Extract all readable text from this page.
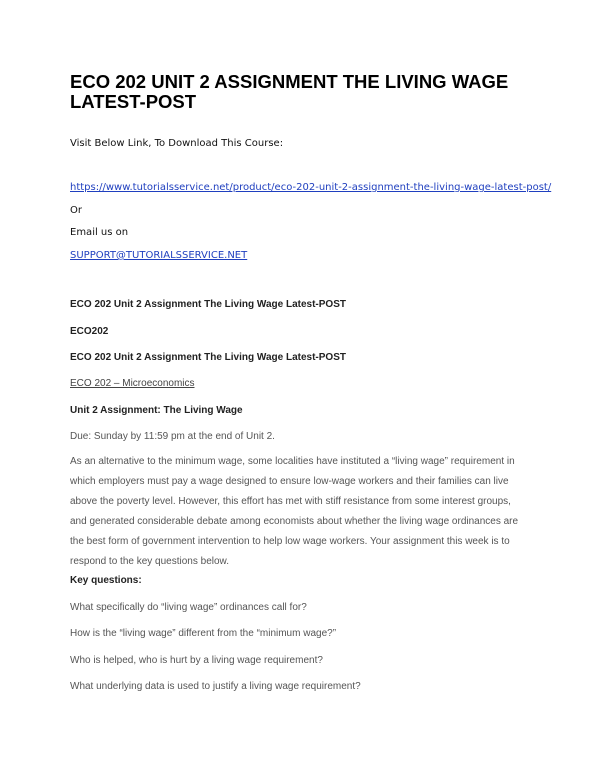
ECO 202 UNIT 2 ASSIGNMENT THE LIVING WAGE LATEST-POST
Visit Below Link, To Download This Course:
https://www.tutorialsservice.net/product/eco-202-unit-2-assignment-the-living-wage-latest-post/
Or
Email us on
SUPPORT@TUTORIALSSERVICE.NET
ECO 202 Unit 2 Assignment The Living Wage Latest-POST
ECO202
ECO 202 Unit 2 Assignment The Living Wage Latest-POST
ECO 202 – Microeconomics
Unit 2 Assignment: The Living Wage
Due: Sunday by 11:59 pm at the end of Unit 2.
As an alternative to the minimum wage, some localities have instituted a “living wage” requirement in which employers must pay a wage designed to ensure low-wage workers and their families can live above the poverty level. However, this effort has met with stiff resistance from some interest groups, and generated considerable debate among economists about whether the living wage ordinances are the best form of government intervention to help low wage workers. Your assignment this week is to respond to the key questions below.
Key questions:
What specifically do “living wage” ordinances call for?
How is the “living wage” different from the “minimum wage?”
Who is helped, who is hurt by a living wage requirement?
What underlying data is used to justify a living wage requirement?
